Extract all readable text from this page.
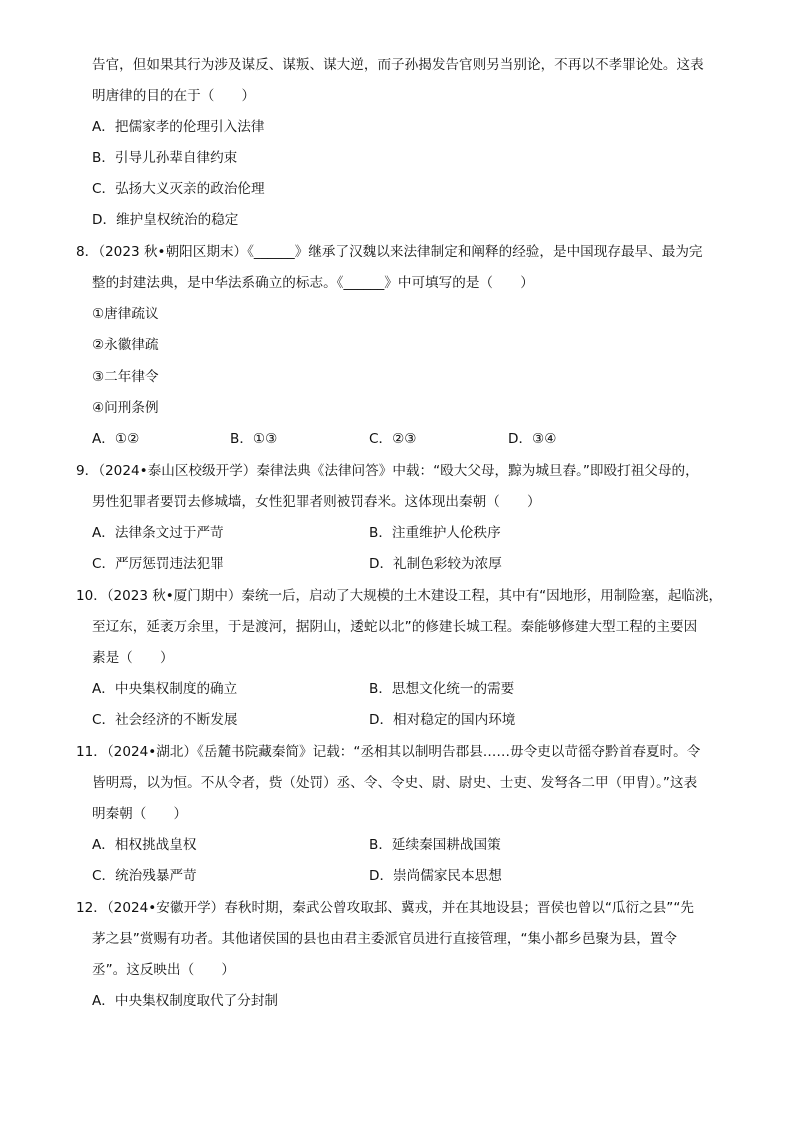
告官，但如果其行为涉及谋反、谋叛、谋大逆，而子孙揭发告官则另当别论，不再以不孝罪论处。这表
明唐律的目的在于（　　）
A．把儒家孝的伦理引入法律
B．引导儿孙辈自律约束
C．弘扬大义灭亲的政治伦理
D．维护皇权统治的稳定
8．（2023 秋•朝阳区期末）《______》继承了汉魏以来法律制定和阐释的经验，是中国现存最早、最为完
整的封建法典，是中华法系确立的标志。《______》中可填写的是（　　）
①唐律疏议
②永徽律疏
③二年律令
④问刑条例
A．①②	B．①③	C．②③	D．③④
9．（2024•泰山区校级开学）秦律法典《法律问答》中载：“殴大父母，黥为城旦舂。”即殴打祖父母的，
男性犯罪者要罚去修城墙，女性犯罪者则被罚舂米。这体现出秦朝（　　）
A．法律条文过于严苛	B．注重维护人伦秩序
C．严厉惩罚违法犯罪	D．礼制色彩较为浓厚
10．（2023 秋•厦门期中）秦统一后，启动了大规模的土木建设工程，其中有“因地形，用制险塞，起临洮，
至辽东，延袤万余里，于是渡河，据阴山，逶蛇以北”的修建长城工程。秦能够修建大型工程的主要因
素是（　　）
A．中央集权制度的确立	B．思想文化统一的需要
C．社会经济的不断发展	D．相对稳定的国内环境
11．（2024•湖北）《岳麓书院藏秦简》记载：“丞相其以制明告郡县……毋令吏以苛徭夺黔首春夏时。令
皆明焉，以为恒。不从令者，赀（处罚）丞、令、令史、尉、尉史、士吏、发弩各二甲（甲胄）。”这表
明秦朝（　　）
A．相权挑战皇权	B．延续秦国耕战国策
C．统治残暴严苛	D．崇尚儒家民本思想
12．（2024•安徽开学）春秋时期，秦武公曾攻取邽、冀戎，并在其地设县；晋侯也曾以“瓜衍之县”“先
茅之县”赏赐有功者。其他诸侯国的县也由君主委派官员进行直接管理，“集小都乡邑聚为县，置令
丞”。这反映出（　　）
A．中央集权制度取代了分封制
